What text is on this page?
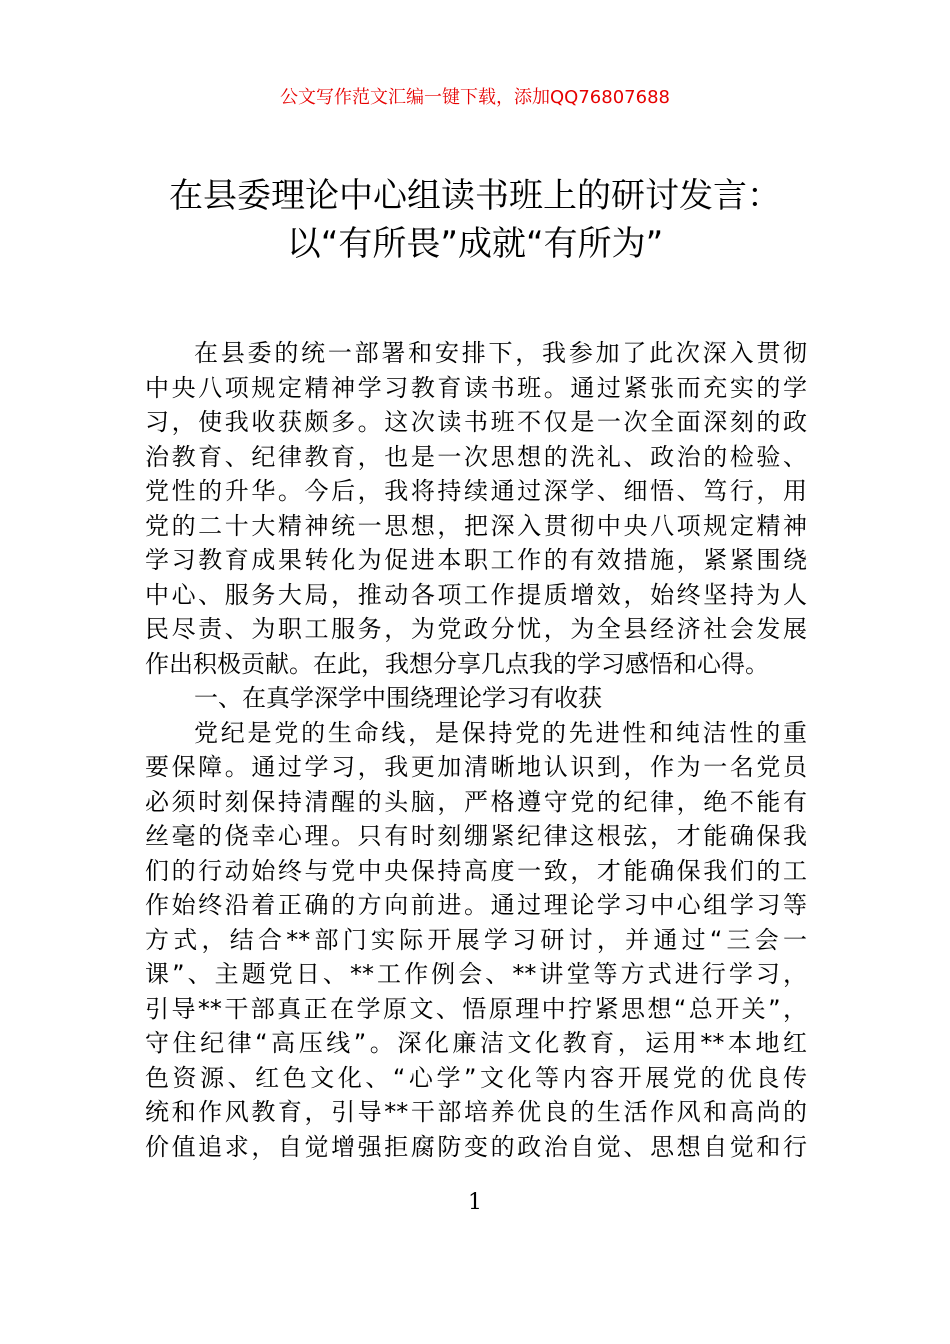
公文写作范文汇编一键下载，添加QQ76807688
在县委理论中心组读书班上的研讨发言：
以“有所畏”成就“有所为”
在县委的统一部署和安排下，我参加了此次深入贯彻
中央八项规定精神学习教育读书班。通过紧张而充实的学
习，使我收获颇多。这次读书班不仅是一次全面深刻的政
治教育、纪律教育，也是一次思想的洗礼、政治的检验、
党性的升华。今后，我将持续通过深学、细悟、笃行，用
党的二十大精神统一思想，把深入贯彻中央八项规定精神
学习教育成果转化为促进本职工作的有效措施，紧紧围绕
中心、服务大局，推动各项工作提质增效，始终坚持为人
民尽责、为职工服务，为党政分忧，为全县经济社会发展
作出积极贡献。在此，我想分享几点我的学习感悟和心得。
一、在真学深学中围绕理论学习有收获
党纪是党的生命线，是保持党的先进性和纯洁性的重
要保障。通过学习，我更加清晰地认识到，作为一名党员
必须时刻保持清醒的头脑，严格遵守党的纪律，绝不能有
丝毫的侥幸心理。只有时刻绷紧纪律这根弦，才能确保我
们的行动始终与党中央保持高度一致，才能确保我们的工
作始终沿着正确的方向前进。通过理论学习中心组学习等
方式，结合**部门实际开展学习研讨，并通过“三会一
课”、主题党日、**工作例会、**讲堂等方式进行学习，
引导**干部真正在学原文、悟原理中拧紧思想“总开关”，
守住纪律“高压线”。深化廉洁文化教育，运用**本地红
色资源、红色文化、“心学”文化等内容开展党的优良传
统和作风教育，引导**干部培养优良的生活作风和高尚的
价值追求，自觉增强拒腐防变的政治自觉、思想自觉和行
1
